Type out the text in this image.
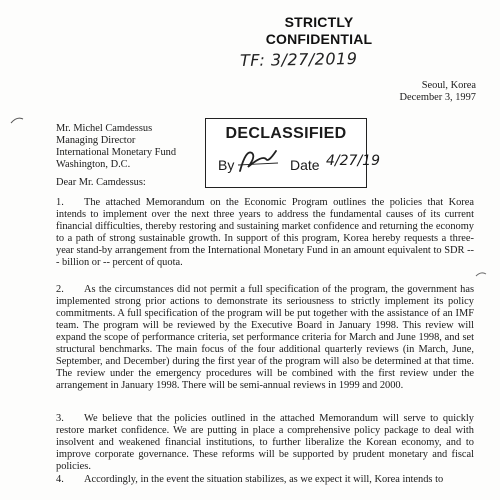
STRICTLY
CONFIDENTIAL
TF: 3/27/2019
Seoul, Korea
December 3, 1997
Mr. Michel Camdessus
Managing Director
International Monetary Fund
Washington, D.C.
DECLASSIFIED
By	Date 4/27/19
Dear Mr. Camdessus:
1. The attached Memorandum on the Economic Program outlines the policies that Korea intends to implement over the next three years to address the fundamental causes of its current financial difficulties, thereby restoring and sustaining market confidence and returning the economy to a path of strong sustainable growth. In support of this program, Korea hereby requests a three-year stand-by arrangement from the International Monetary Fund in an amount equivalent to SDR --- billion or -- percent of quota.
2. As the circumstances did not permit a full specification of the program, the government has implemented strong prior actions to demonstrate its seriousness to strictly implement its policy commitments. A full specification of the program will be put together with the assistance of an IMF team. The program will be reviewed by the Executive Board in January 1998. This review will expand the scope of performance criteria, set performance criteria for March and June 1998, and set structural benchmarks. The main focus of the four additional quarterly reviews (in March, June, September, and December) during the first year of the program will also be determined at that time. The review under the emergency procedures will be combined with the first review under the arrangement in January 1998. There will be semi-annual reviews in 1999 and 2000.
3. We believe that the policies outlined in the attached Memorandum will serve to quickly restore market confidence. We are putting in place a comprehensive policy package to deal with insolvent and weakened financial institutions, to further liberalize the Korean economy, and to improve corporate governance. These reforms will be supported by prudent monetary and fiscal policies.
4. Accordingly, in the event the situation stabilizes, as we expect it will, Korea intends to
